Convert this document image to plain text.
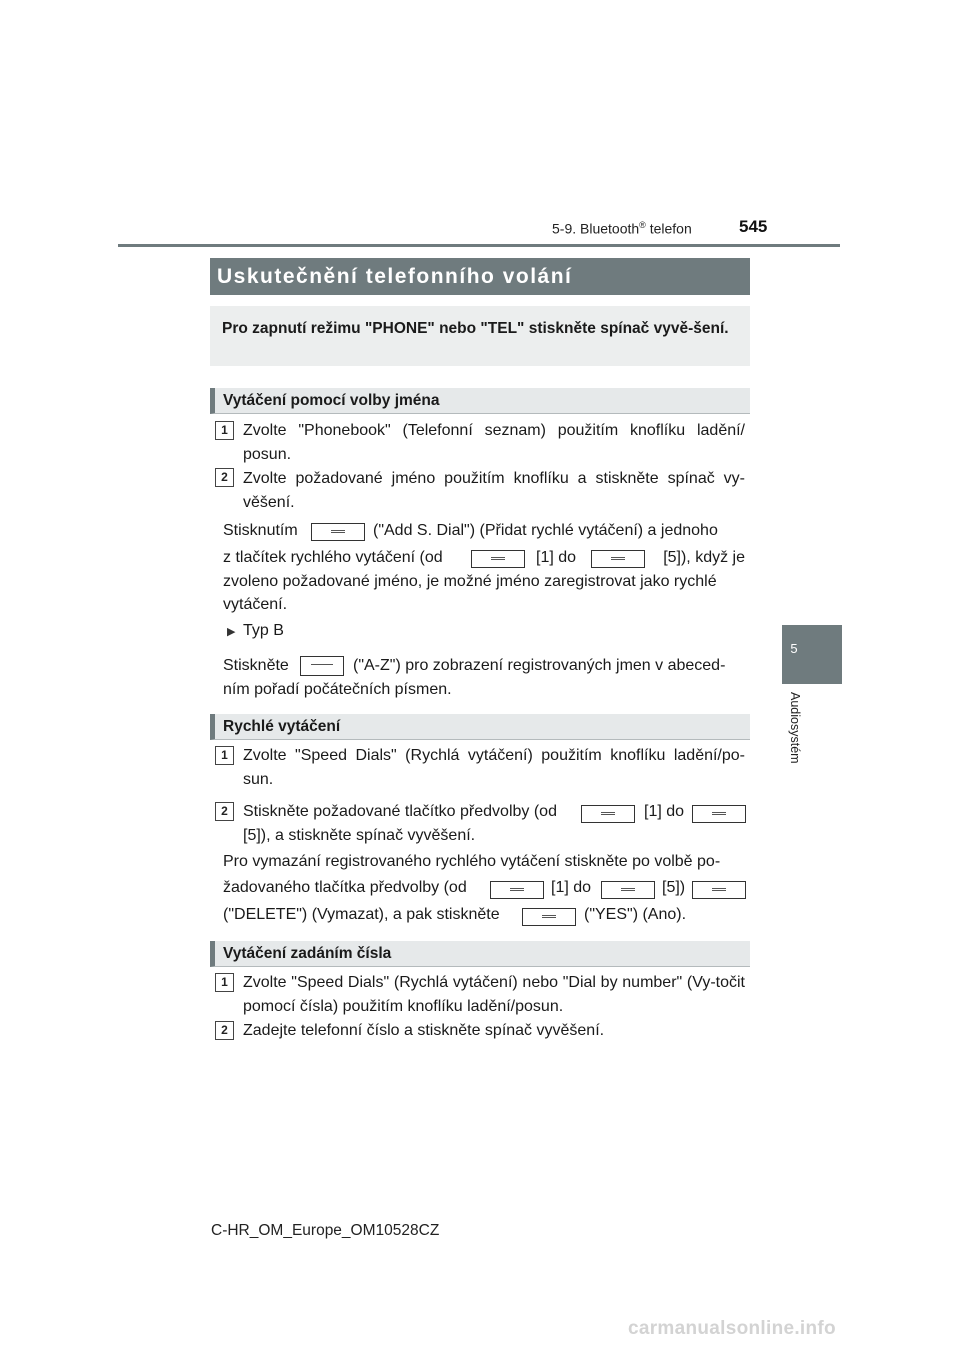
5-9. Bluetooth® telefon	545
5
Audiosystém
Uskutečnění telefonního volání
Pro zapnutí režimu "PHONE" nebo "TEL" stiskněte spínač vyvě-šení.
Vytáčení pomocí volby jména
1 Zvolte "Phonebook" (Telefonní seznam) použitím knoflíku ladění/ posun.
2 Zvolte požadované jméno použitím knoflíku a stiskněte spínač vy-věšení.
Stisknutím	("Add S. Dial") (Přidat rychlé vytáčení) a jednoho
z tlačítek rychlého vytáčení (od	[1] do	[5]), když je
zvoleno požadované jméno, je možné jméno zaregistrovat jako rychlé
vytáčení.
▶ Typ B
Stiskněte	("A-Z") pro zobrazení registrovaných jmen v abeced-
ním pořadí počátečních písmen.
Rychlé vytáčení
1 Zvolte "Speed Dials" (Rychlá vytáčení) použitím knoflíku ladění/po-sun.
2 Stiskněte požadované tlačítko předvolby (od	[1] do
[5]), a stiskněte spínač vyvěšení.
Pro vymazání registrovaného rychlého vytáčení stiskněte po volbě po-
žadovaného tlačítka předvolby (od	[1] do	[5])
("DELETE") (Vymazat), a pak stiskněte	("YES") (Ano).
Vytáčení zadáním čísla
1 Zvolte "Speed Dials" (Rychlá vytáčení) nebo "Dial by number" (Vy-točit pomocí čísla) použitím knoflíku ladění/posun.
2 Zadejte telefonní číslo a stiskněte spínač vyvěšení.
C-HR_OM_Europe_OM10528CZ
carmanualsonline.info
